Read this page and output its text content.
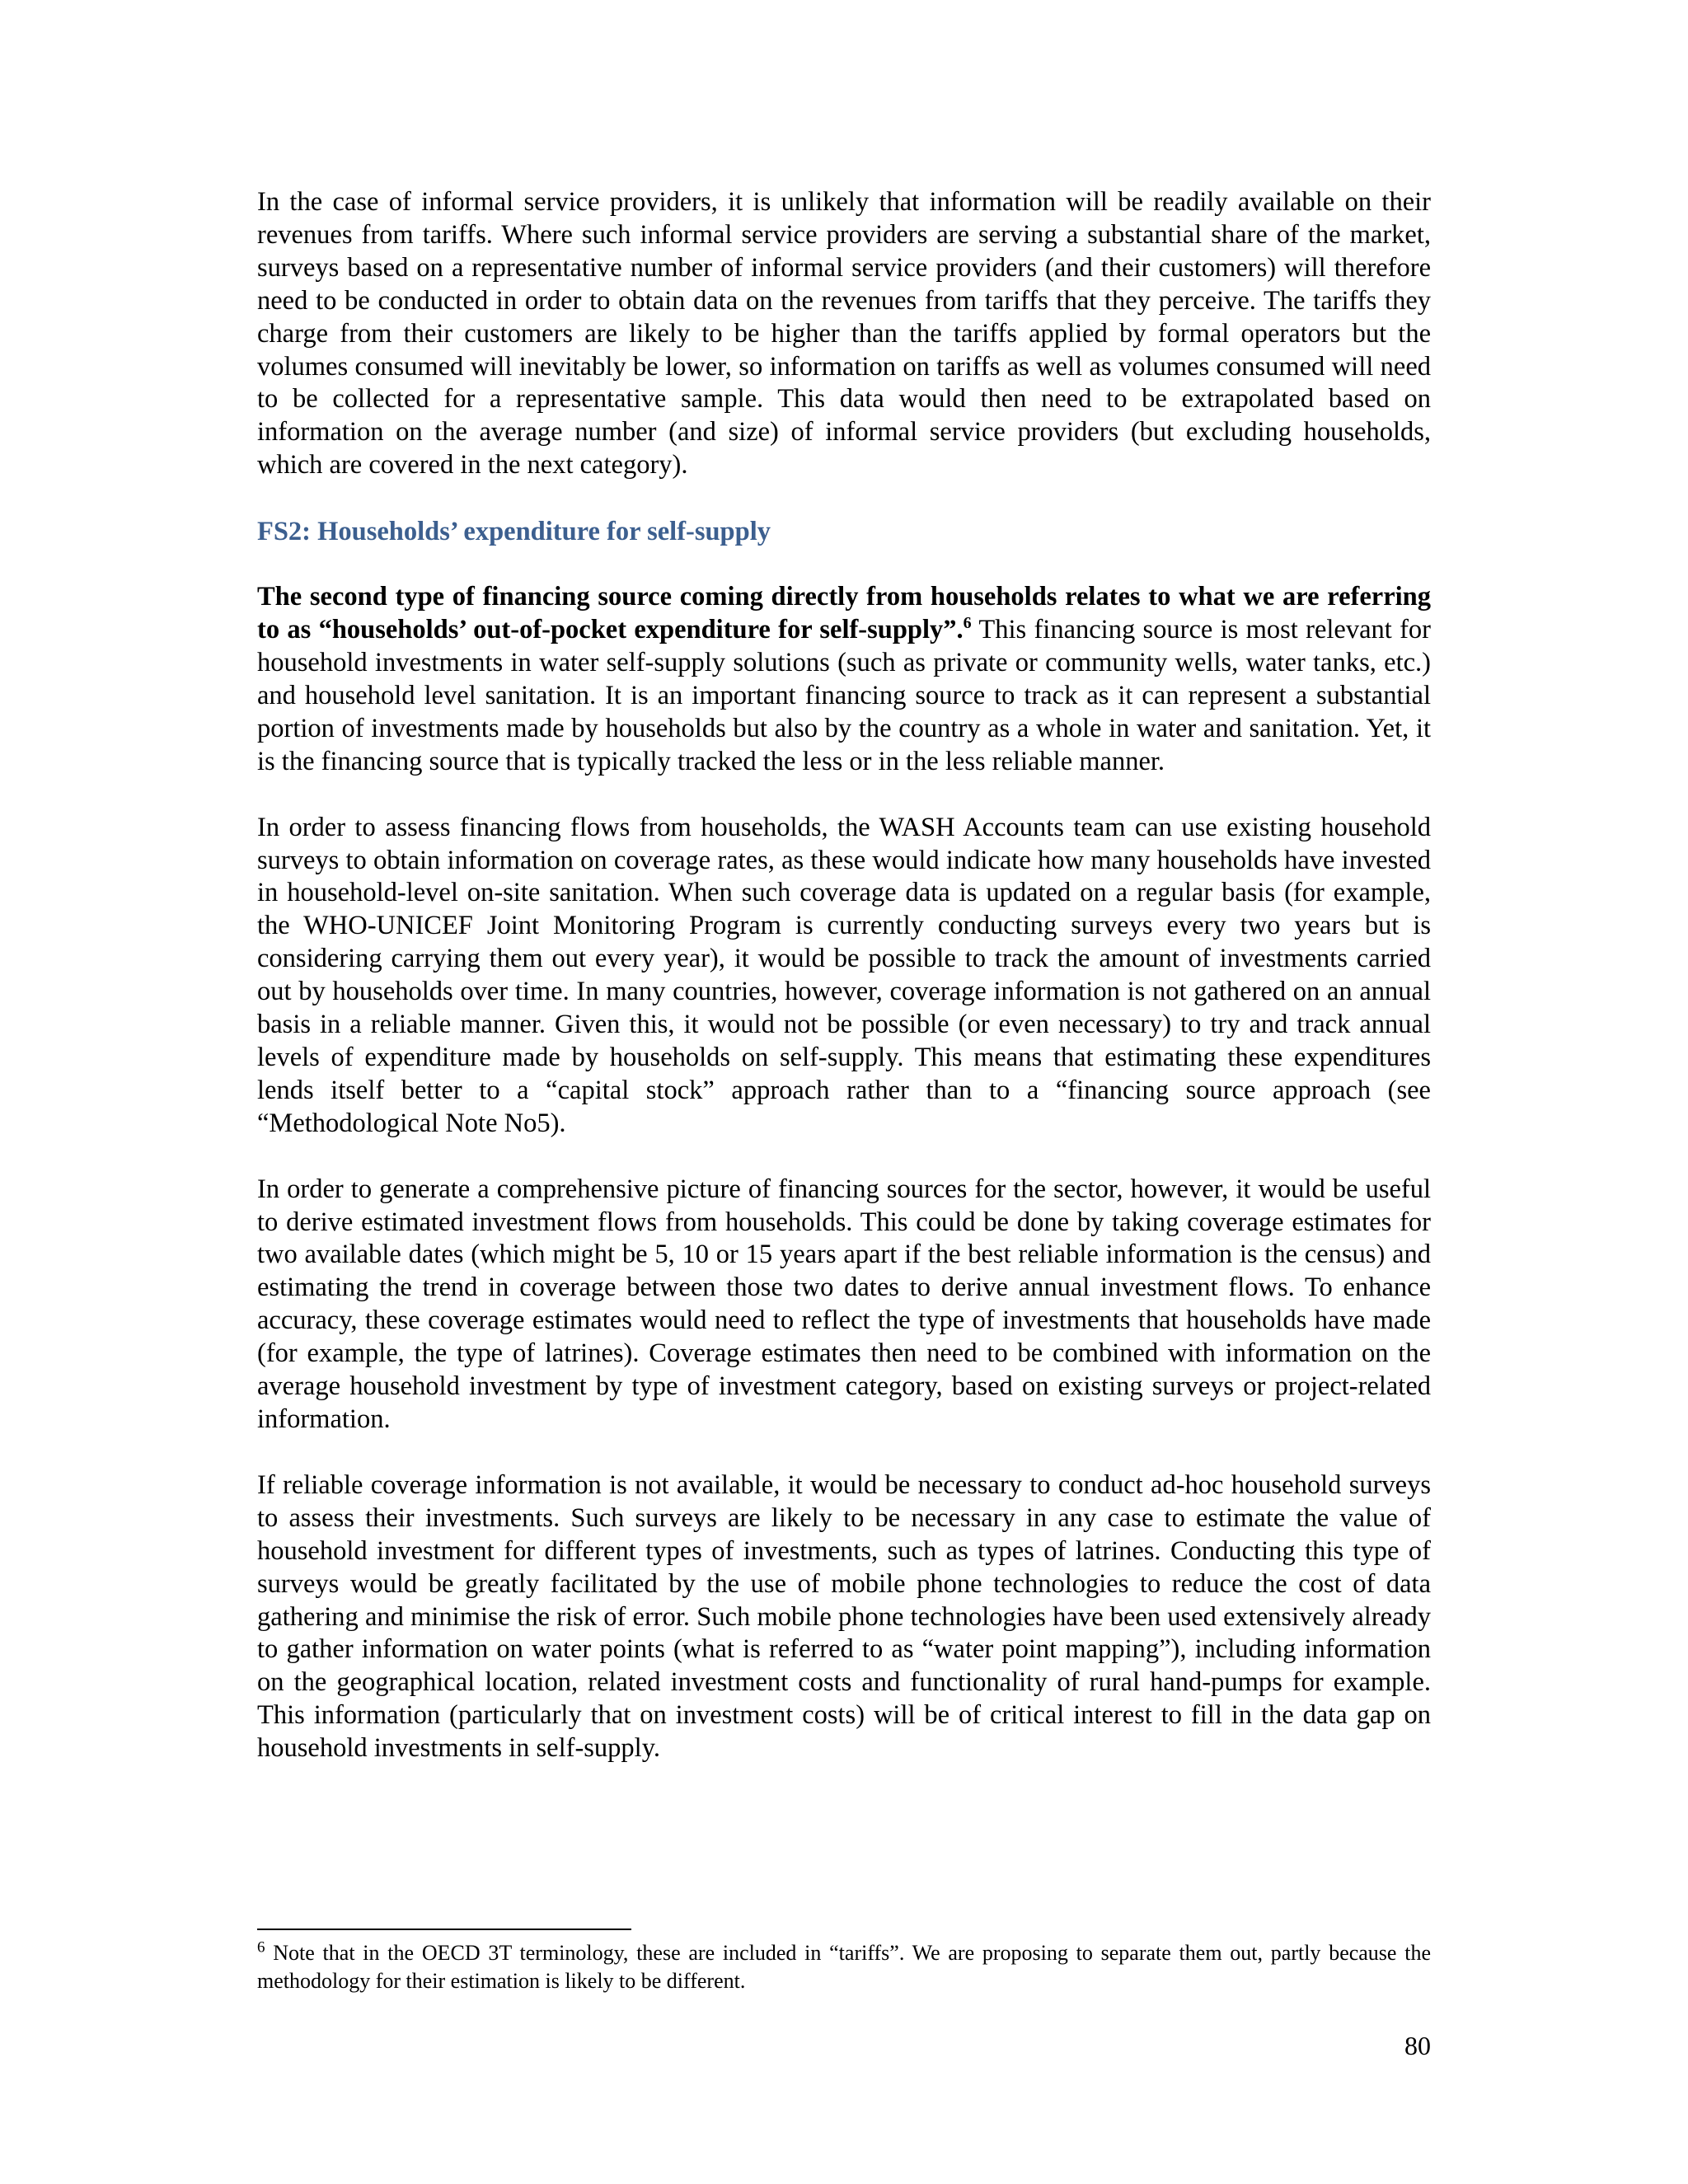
In the case of informal service providers, it is unlikely that information will be readily available on their revenues from tariffs. Where such informal service providers are serving a substantial share of the market, surveys based on a representative number of informal service providers (and their customers) will therefore need to be conducted in order to obtain data on the revenues from tariffs that they perceive. The tariffs they charge from their customers are likely to be higher than the tariffs applied by formal operators but the volumes consumed will inevitably be lower, so information on tariffs as well as volumes consumed will need to be collected for a representative sample. This data would then need to be extrapolated based on information on the average number (and size) of informal service providers (but excluding households, which are covered in the next category).

FS2: Households’ expenditure for self-supply

The second type of financing source coming directly from households relates to what we are referring to as “households’ out-of-pocket expenditure for self-supply”.$^6$ This financing source is most relevant for household investments in water self-supply solutions (such as private or community wells, water tanks, etc.) and household level sanitation. It is an important financing source to track as it can represent a substantial portion of investments made by households but also by the country as a whole in water and sanitation. Yet, it is the financing source that is typically tracked the less or in the less reliable manner.

In order to assess financing flows from households, the WASH Accounts team can use existing household surveys to obtain information on coverage rates, as these would indicate how many households have invested in household-level on-site sanitation. When such coverage data is updated on a regular basis (for example, the WHO-UNICEF Joint Monitoring Program is currently conducting surveys every two years but is considering carrying them out every year), it would be possible to track the amount of investments carried out by households over time. In many countries, however, coverage information is not gathered on an annual basis in a reliable manner. Given this, it would not be possible (or even necessary) to try and track annual levels of expenditure made by households on self-supply. This means that estimating these expenditures lends itself better to a “capital stock” approach rather than to a “financing source approach (see “Methodological Note No5).

In order to generate a comprehensive picture of financing sources for the sector, however, it would be useful to derive estimated investment flows from households. This could be done by taking coverage estimates for two available dates (which might be 5, 10 or 15 years apart if the best reliable information is the census) and estimating the trend in coverage between those two dates to derive annual investment flows. To enhance accuracy, these coverage estimates would need to reflect the type of investments that households have made (for example, the type of latrines). Coverage estimates then need to be combined with information on the average household investment by type of investment category, based on existing surveys or project-related information.

If reliable coverage information is not available, it would be necessary to conduct ad-hoc household surveys to assess their investments. Such surveys are likely to be necessary in any case to estimate the value of household investment for different types of investments, such as types of latrines. Conducting this type of surveys would be greatly facilitated by the use of mobile phone technologies to reduce the cost of data gathering and minimise the risk of error. Such mobile phone technologies have been used extensively already to gather information on water points (what is referred to as “water point mapping”), including information on the geographical location, related investment costs and functionality of rural hand-pumps for example. This information (particularly that on investment costs) will be of critical interest to fill in the data gap on household investments in self-supply.

$^6$ Note that in the OECD 3T terminology, these are included in “tariffs”. We are proposing to separate them out, partly because the methodology for their estimation is likely to be different.

80
